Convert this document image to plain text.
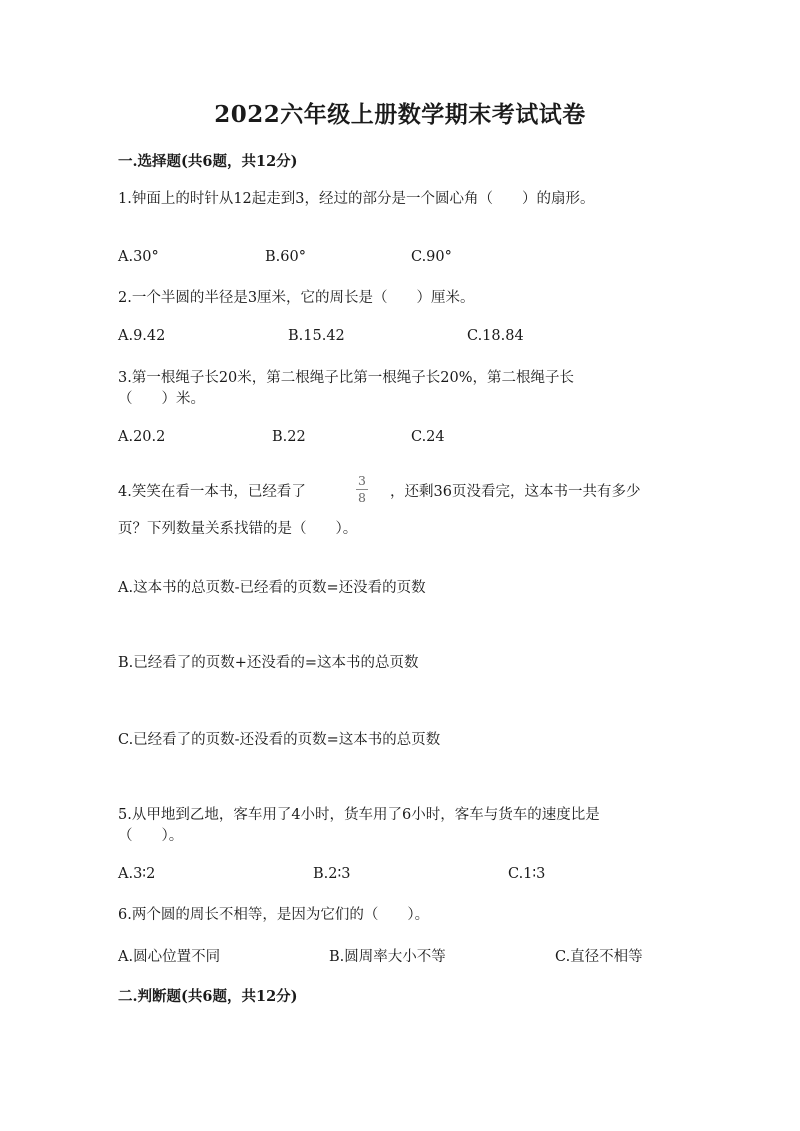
2022六年级上册数学期末考试试卷
一.选择题(共6题，共12分)
1.钟面上的时针从12起走到3，经过的部分是一个圆心角（　　）的扇形。
A.30°	B.60°	C.90°
2.一个半圆的半径是3厘米，它的周长是（　　）厘米。
A.9.42	B.15.42	C.18.84
3.第一根绳子长20米，第二根绳子比第一根绳子长20%，第二根绳子长
（　　）米。
A.20.2	B.22	C.24
4.笑笑在看一本书，已经看了
3
8 ，还剩36页没看完，这本书一共有多少
页？下列数量关系找错的是（　　）。
A.这本书的总页数-已经看的页数=还没看的页数
B.已经看了的页数+还没看的=这本书的总页数
C.已经看了的页数-还没看的页数=这本书的总页数
5.从甲地到乙地，客车用了4小时，货车用了6小时，客车与货车的速度比是
（　　）。
A.3∶2	B.2∶3	C.1∶3
6.两个圆的周长不相等，是因为它们的（　　）。
A.圆心位置不同	B.圆周率大小不等	C.直径不相等
二.判断题(共6题，共12分)
